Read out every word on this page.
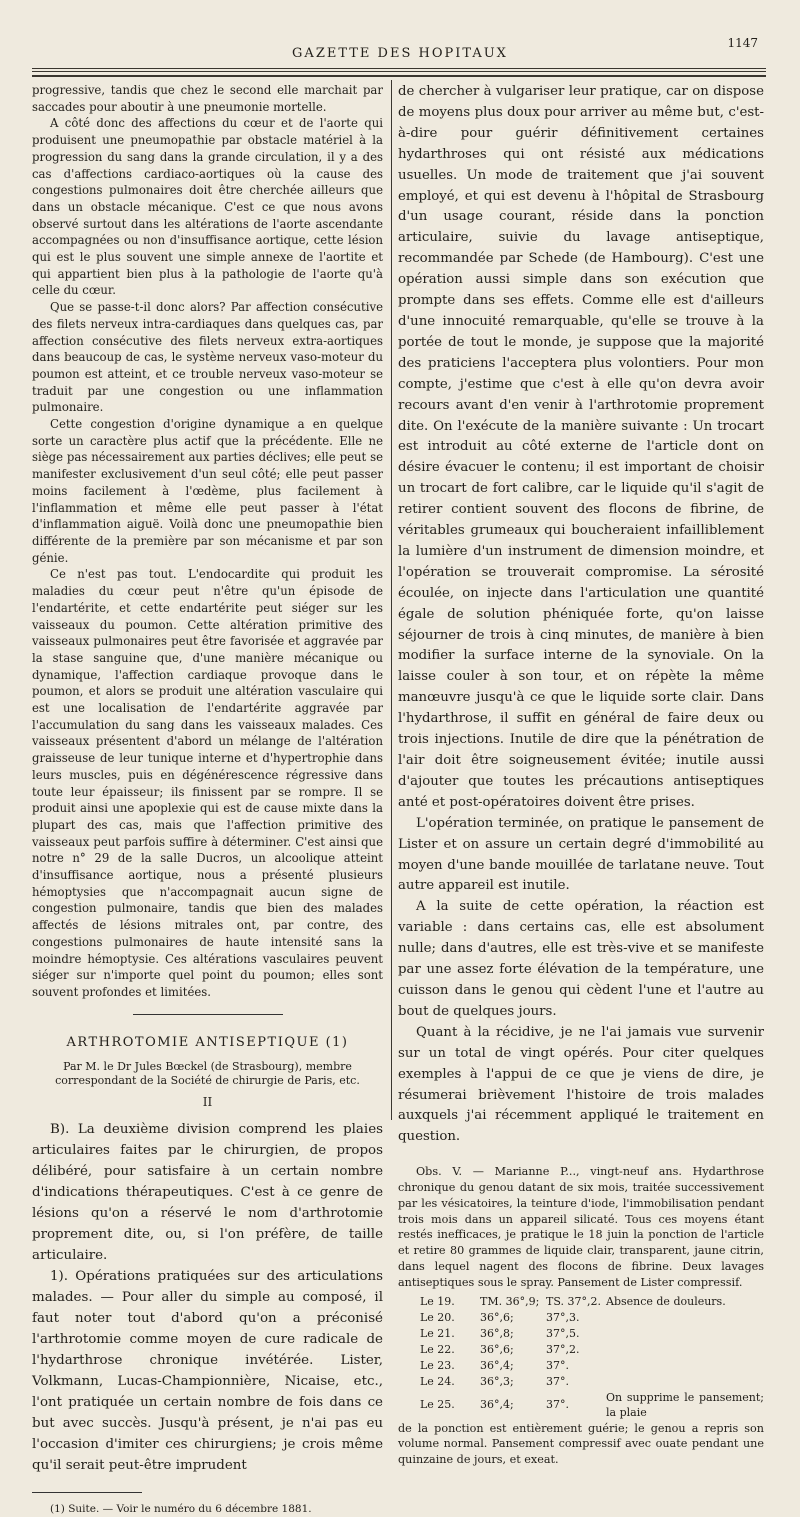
GAZETTE DES HOPITAUX
1147

progressive, tandis que chez le second elle marchait par saccades pour aboutir à une pneumonie mortelle.

A côté donc des affections du cœur et de l'aorte qui produisent une pneumopathie par obstacle matériel à la progression du sang dans la grande circulation, il y a des cas d'affections cardiaco-aortiques où la cause des congestions pulmonaires doit être cherchée ailleurs que dans un obstacle mécanique. C'est ce que nous avons observé surtout dans les altérations de l'aorte ascendante accompagnées ou non d'insuffisance aortique, cette lésion qui est le plus souvent une simple annexe de l'aortite et qui appartient bien plus à la pathologie de l'aorte qu'à celle du cœur.

Que se passe-t-il donc alors? Par affection consécutive des filets nerveux intra-cardiaques dans quelques cas, par affection consécutive des filets nerveux extra-aortiques dans beaucoup de cas, le système nerveux vaso-moteur du poumon est atteint, et ce trouble nerveux vaso-moteur se traduit par une congestion ou une inflammation pulmonaire.

Cette congestion d'origine dynamique a en quelque sorte un caractère plus actif que la précédente. Elle ne siège pas nécessairement aux parties déclives; elle peut se manifester exclusivement d'un seul côté; elle peut passer moins facilement à l'œdème, plus facilement à l'inflammation et même elle peut passer à l'état d'inflammation aiguë. Voilà donc une pneumopathie bien différente de la première par son mécanisme et par son génie.

Ce n'est pas tout. L'endocardite qui produit les maladies du cœur peut n'être qu'un épisode de l'endartérite, et cette endartérite peut siéger sur les vaisseaux du poumon. Cette altération primitive des vaisseaux pulmonaires peut être favorisée et aggravée par la stase sanguine que, d'une manière mécanique ou dynamique, l'affection cardiaque provoque dans le poumon, et alors se produit une altération vasculaire qui est une localisation de l'endartérite aggravée par l'accumulation du sang dans les vaisseaux malades. Ces vaisseaux présentent d'abord un mélange de l'altération graisseuse de leur tunique interne et d'hypertrophie dans leurs muscles, puis en dégénérescence régressive dans toute leur épaisseur; ils finissent par se rompre. Il se produit ainsi une apoplexie qui est de cause mixte dans la plupart des cas, mais que l'affection primitive des vaisseaux peut parfois suffire à déterminer. C'est ainsi que notre n° 29 de la salle Ducros, un alcoolique atteint d'insuffisance aortique, nous a présenté plusieurs hémoptysies que n'accompagnait aucun signe de congestion pulmonaire, tandis que bien des malades affectés de lésions mitrales ont, par contre, des congestions pulmonaires de haute intensité sans la moindre hémoptysie. Ces altérations vasculaires peuvent siéger sur n'importe quel point du poumon; elles sont souvent profondes et limitées.

ARTHROTOMIE ANTISEPTIQUE (1)
Par M. le Dr Jules Bœckel (de Strasbourg), membre correspondant de la Société de chirurgie de Paris, etc.
II

B). La deuxième division comprend les plaies articulaires faites par le chirurgien, de propos délibéré, pour satisfaire à un certain nombre d'indications thérapeutiques. C'est à ce genre de lésions qu'on a réservé le nom d'arthrotomie proprement dite, ou, si l'on préfère, de taille articulaire.

1). Opérations pratiquées sur des articulations malades. — Pour aller du simple au composé, il faut noter tout d'abord qu'on a préconisé l'arthrotomie comme moyen de cure radicale de l'hydarthrose chronique invétérée. Lister, Volkmann, Lucas-Championnière, Nicaise, etc., l'ont pratiquée un certain nombre de fois dans ce but avec succès. Jusqu'à présent, je n'ai pas eu l'occasion d'imiter ces chirurgiens; je crois même qu'il serait peut-être imprudent

(1) Suite. — Voir le numéro du 6 décembre 1881.

de chercher à vulgariser leur pratique, car on dispose de moyens plus doux pour arriver au même but, c'est-à-dire pour guérir définitivement certaines hydarthroses qui ont résisté aux médications usuelles. Un mode de traitement que j'ai souvent employé, et qui est devenu à l'hôpital de Strasbourg d'un usage courant, réside dans la ponction articulaire, suivie du lavage antiseptique, recommandée par Schede (de Hambourg). C'est une opération aussi simple dans son exécution que prompte dans ses effets. Comme elle est d'ailleurs d'une innocuité remarquable, qu'elle se trouve à la portée de tout le monde, je suppose que la majorité des praticiens l'acceptera plus volontiers. Pour mon compte, j'estime que c'est à elle qu'on devra avoir recours avant d'en venir à l'arthrotomie proprement dite. On l'exécute de la manière suivante : Un trocart est introduit au côté externe de l'article dont on désire évacuer le contenu; il est important de choisir un trocart de fort calibre, car le liquide qu'il s'agit de retirer contient souvent des flocons de fibrine, de véritables grumeaux qui boucheraient infailliblement la lumière d'un instrument de dimension moindre, et l'opération se trouverait compromise. La sérosité écoulée, on injecte dans l'articulation une quantité égale de solution phéniquée forte, qu'on laisse séjourner de trois à cinq minutes, de manière à bien modifier la surface interne de la synoviale. On la laisse couler à son tour, et on répète la même manœuvre jusqu'à ce que le liquide sorte clair. Dans l'hydarthrose, il suffit en général de faire deux ou trois injections. Inutile de dire que la pénétration de l'air doit être soigneusement évitée; inutile aussi d'ajouter que toutes les précautions antiseptiques anté et post-opératoires doivent être prises.

L'opération terminée, on pratique le pansement de Lister et on assure un certain degré d'immobilité au moyen d'une bande mouillée de tarlatane neuve. Tout autre appareil est inutile.

A la suite de cette opération, la réaction est variable : dans certains cas, elle est absolument nulle; dans d'autres, elle est très-vive et se manifeste par une assez forte élévation de la température, une cuisson dans le genou qui cèdent l'une et l'autre au bout de quelques jours.

Quant à la récidive, je ne l'ai jamais vue survenir sur un total de vingt opérés. Pour citer quelques exemples à l'appui de ce que je viens de dire, je résumerai brièvement l'histoire de trois malades auxquels j'ai récemment appliqué le traitement en question.

Obs. V. — Marianne P..., vingt-neuf ans. Hydarthrose chronique du genou datant de six mois, traitée successivement par les vésicatoires, la teinture d'iode, l'immobilisation pendant trois mois dans un appareil silicaté. Tous ces moyens étant restés inefficaces, je pratique le 18 juin la ponction de l'article et retire 80 grammes de liquide clair, transparent, jaune citrin, dans lequel nagent des flocons de fibrine. Deux lavages antiseptiques sous le spray. Pansement de Lister compressif.

Le 19.	TM. 36°,9;	TS. 37°,2.	Absence de douleurs.
Le 20.	36°,6;	37°,3.	
Le 21.	36°,8;	37°,5.	
Le 22.	36°,6;	37°,2.	
Le 23.	36°,4;	37°.	
Le 24.	36°,3;	37°.	
Le 25.	36°,4;	37°.	On supprime le pansement; la plaie

de la ponction est entièrement guérie; le genou a repris son volume normal. Pansement compressif avec ouate pendant une quinzaine de jours, et exeat.
